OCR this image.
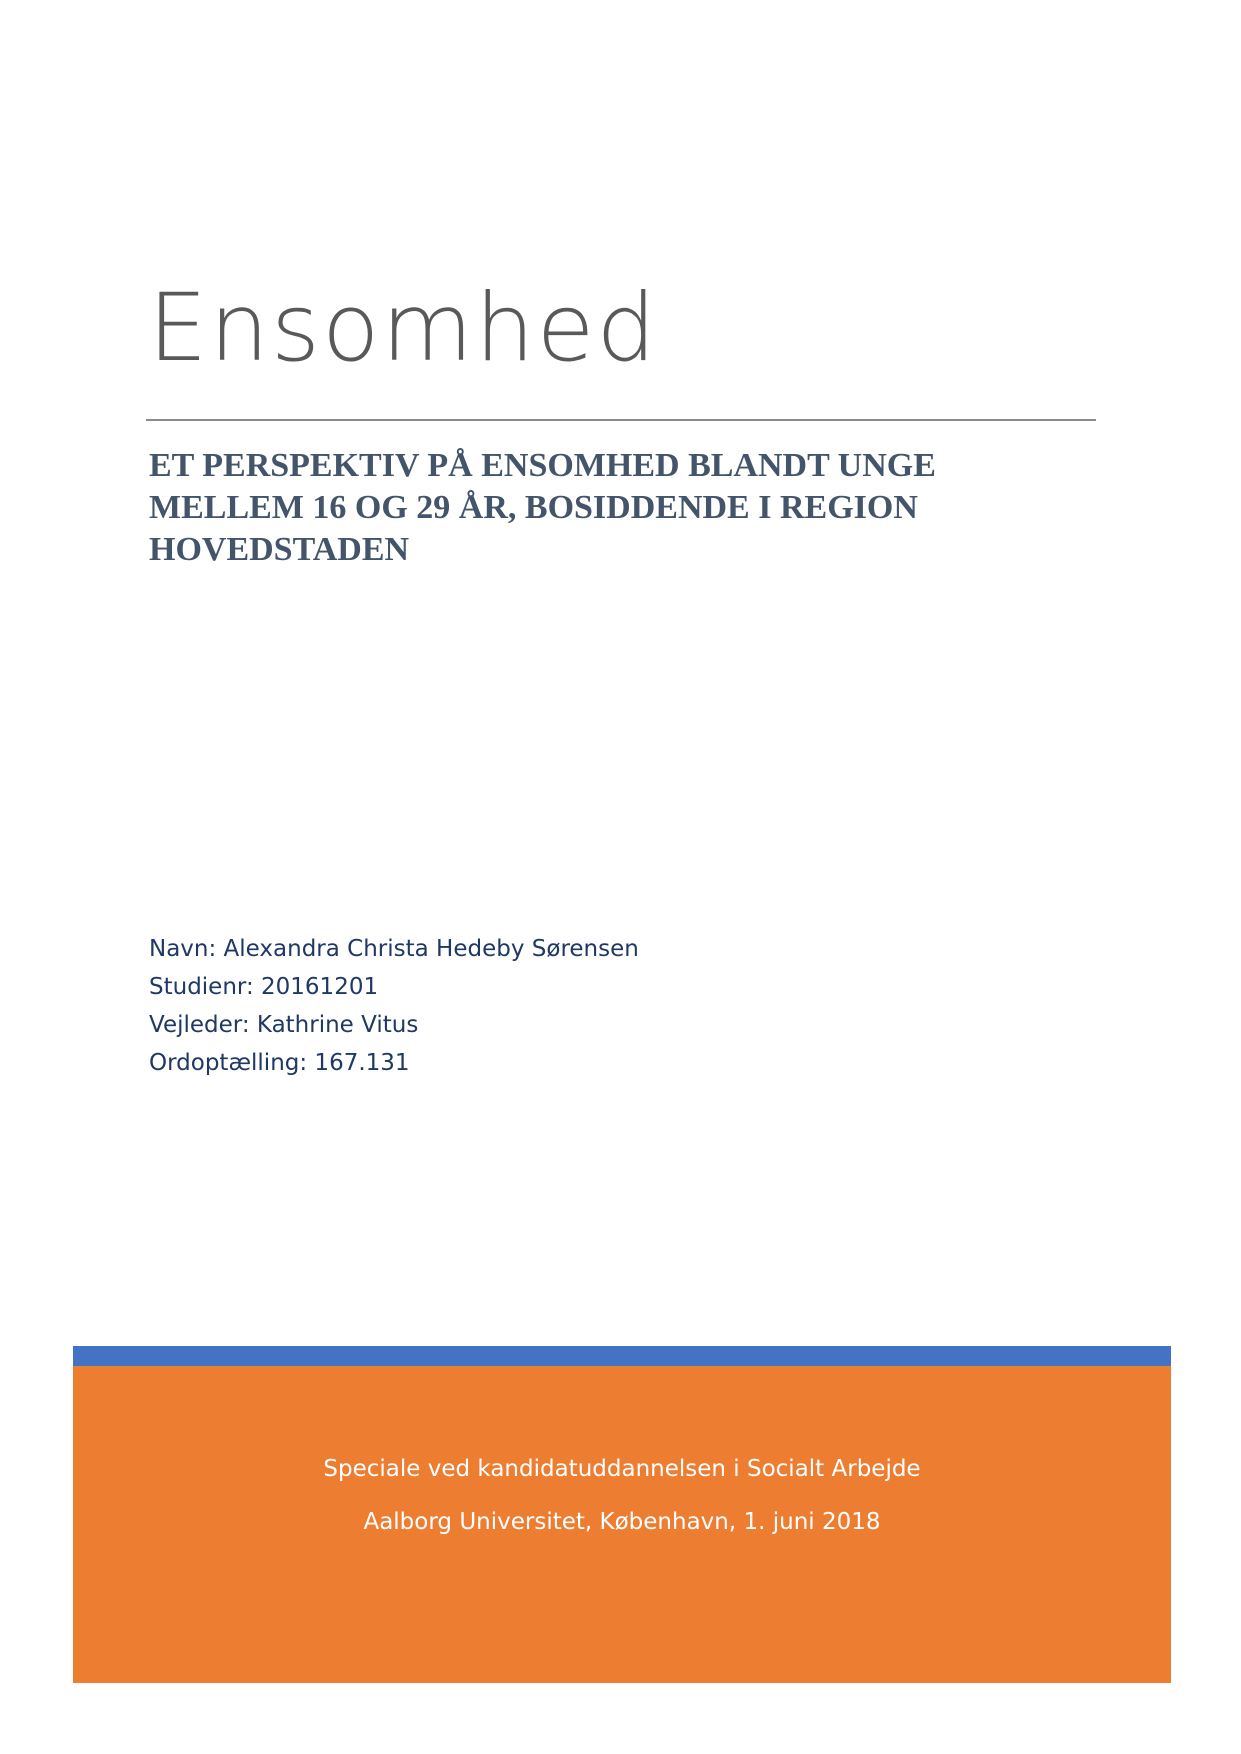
Ensomhed
ET PERSPEKTIV PÅ ENSOMHED BLANDT UNGE
MELLEM 16 OG 29 ÅR, BOSIDDENDE I REGION
HOVEDSTADEN
Navn: Alexandra Christa Hedeby Sørensen
Studienr: 20161201
Vejleder: Kathrine Vitus
Ordoptælling: 167.131
Speciale ved kandidatuddannelsen i Socialt Arbejde
Aalborg Universitet, København, 1. juni 2018
